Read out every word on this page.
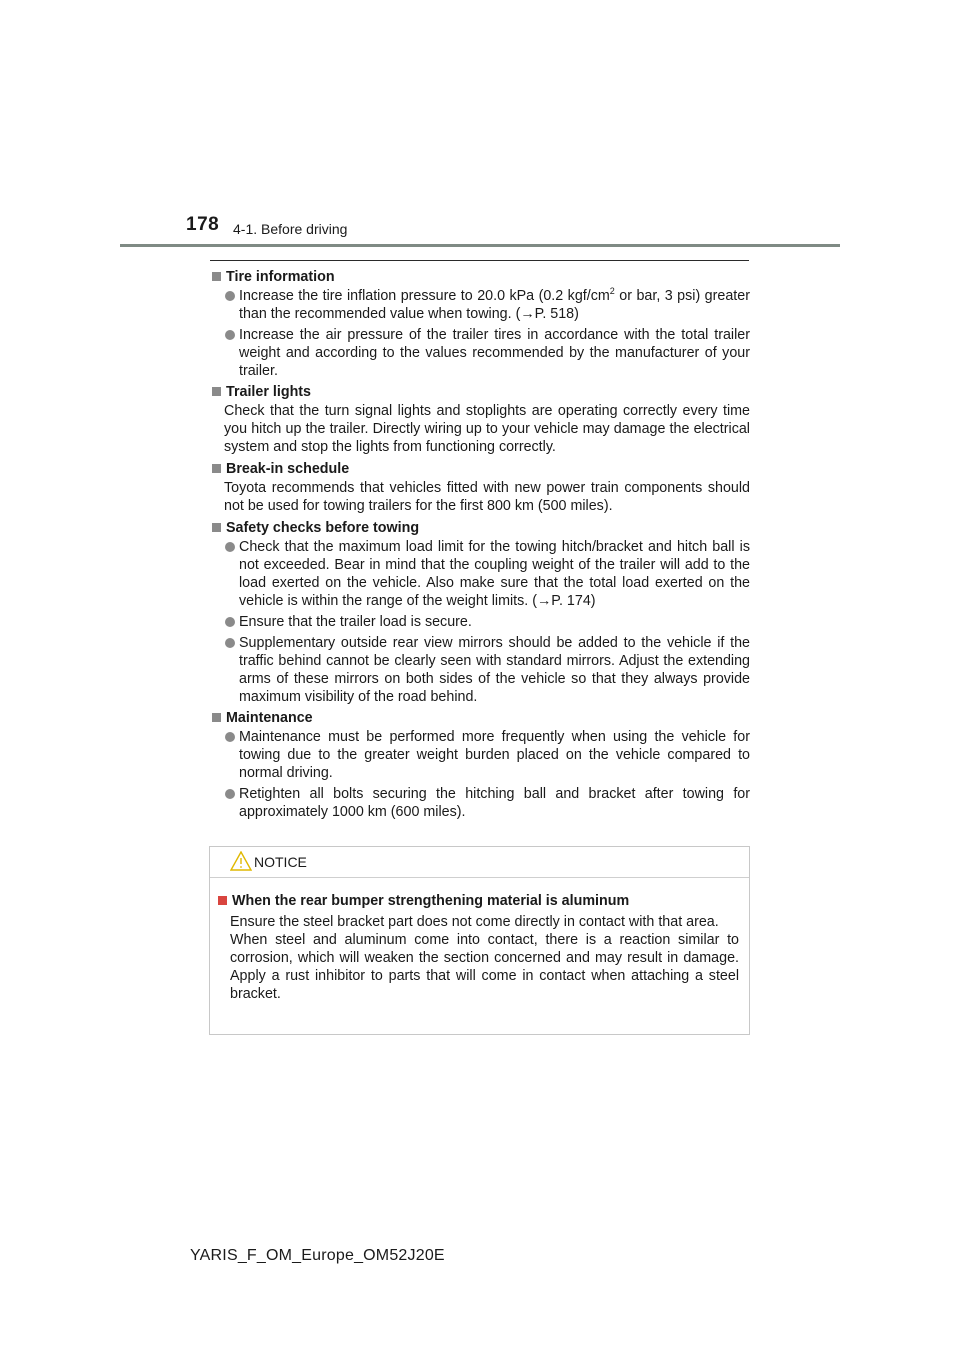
178 4-1. Before driving
Tire information
Increase the tire inflation pressure to 20.0 kPa (0.2 kgf/$cm^2$ or bar, 3 psi) greater than the recommended value when towing. (→P. 518)
Increase the air pressure of the trailer tires in accordance with the total trailer weight and according to the values recommended by the manufacturer of your trailer.
Trailer lights
Check that the turn signal lights and stoplights are operating correctly every time you hitch up the trailer. Directly wiring up to your vehicle may damage the electrical system and stop the lights from functioning correctly.
Break-in schedule
Toyota recommends that vehicles fitted with new power train components should not be used for towing trailers for the first 800 km (500 miles).
Safety checks before towing
Check that the maximum load limit for the towing hitch/bracket and hitch ball is not exceeded. Bear in mind that the coupling weight of the trailer will add to the load exerted on the vehicle. Also make sure that the total load exerted on the vehicle is within the range of the weight limits. (→P. 174)
Ensure that the trailer load is secure.
Supplementary outside rear view mirrors should be added to the vehicle if the traffic behind cannot be clearly seen with standard mirrors. Adjust the extending arms of these mirrors on both sides of the vehicle so that they always provide maximum visibility of the road behind.
Maintenance
Maintenance must be performed more frequently when using the vehicle for towing due to the greater weight burden placed on the vehicle compared to normal driving.
Retighten all bolts securing the hitching ball and bracket after towing for approximately 1000 km (600 miles).
NOTICE
When the rear bumper strengthening material is aluminum
Ensure the steel bracket part does not come directly in contact with that area.
When steel and aluminum come into contact, there is a reaction similar to corrosion, which will weaken the section concerned and may result in damage. Apply a rust inhibitor to parts that will come in contact when attaching a steel bracket.
YARIS_F_OM_Europe_OM52J20E
